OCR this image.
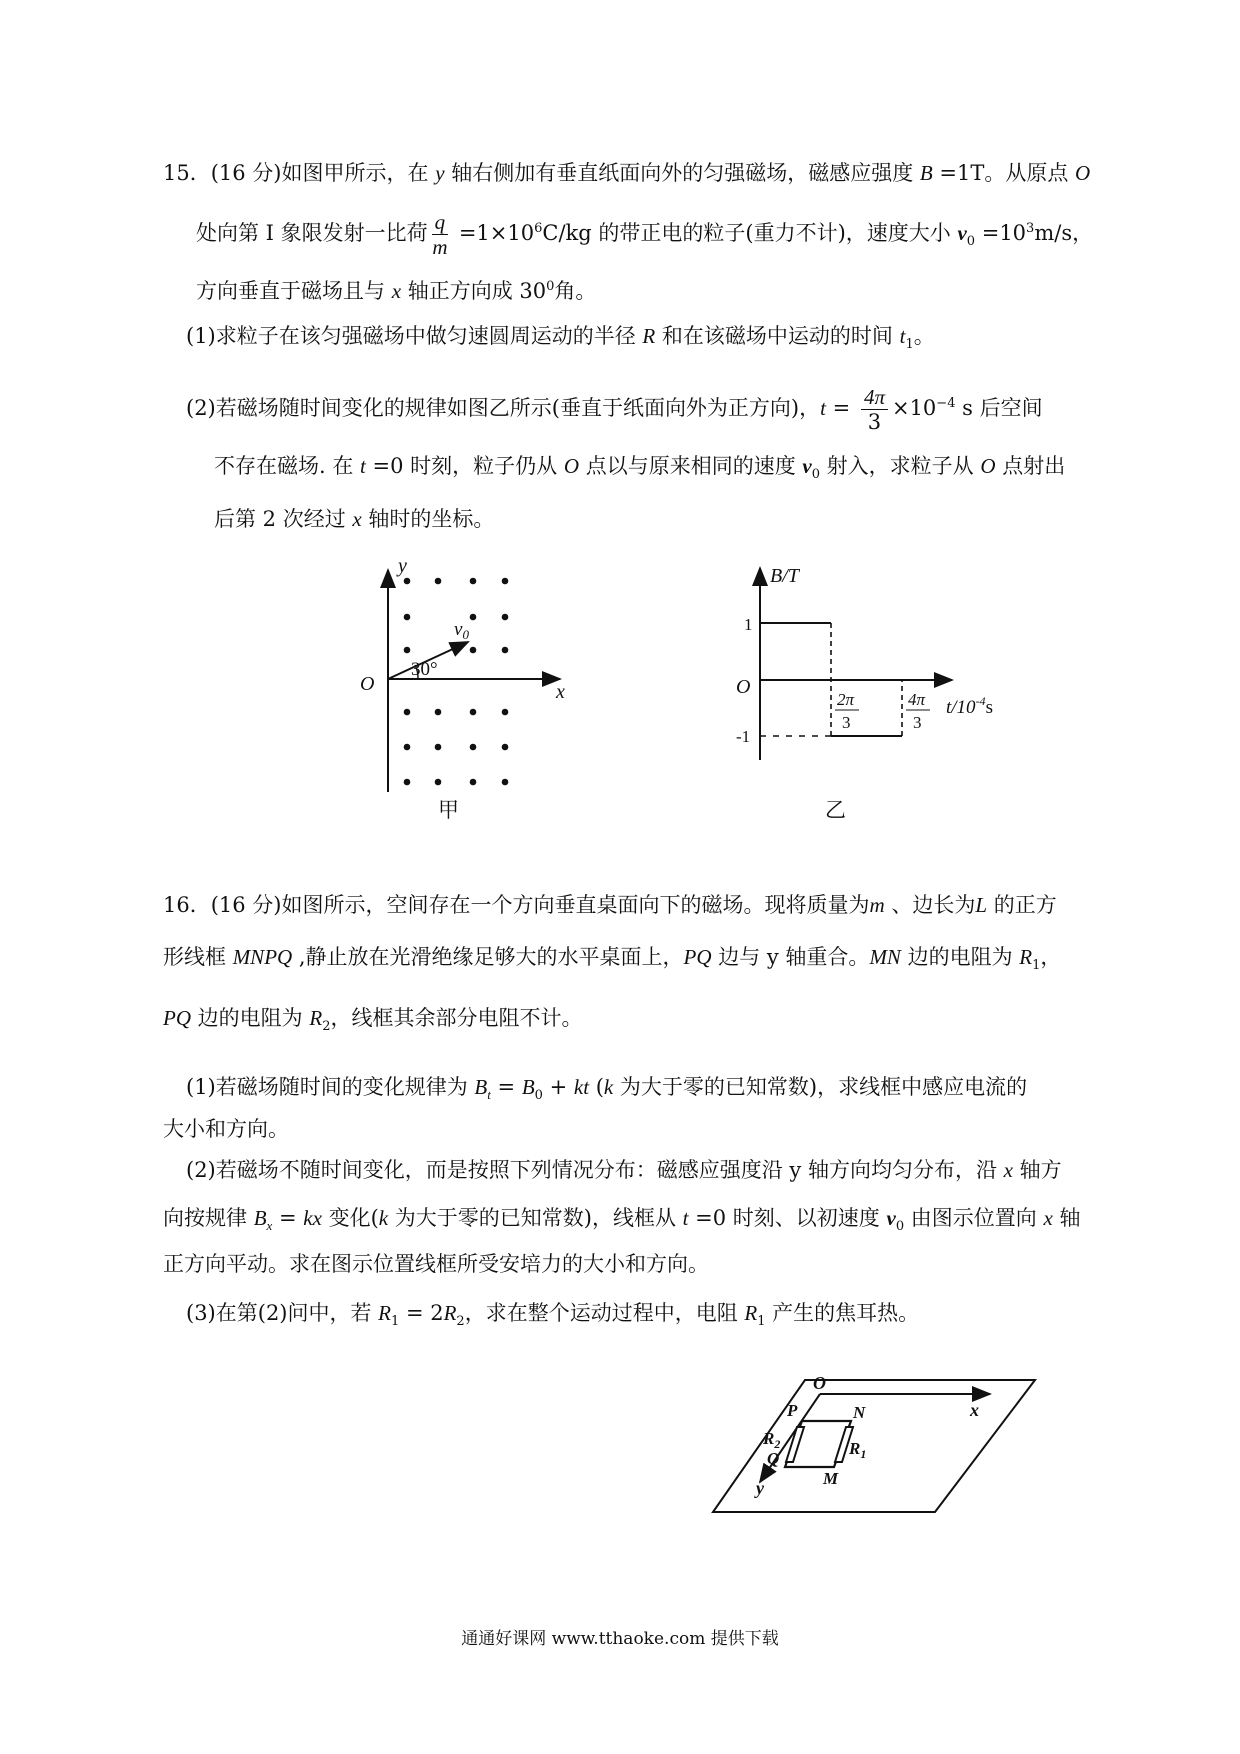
15．(16 分)如图甲所示，在 y 轴右侧加有垂直纸面向外的匀强磁场，磁感应强度 B =1T。从原点 O
处向第 I 象限发射一比荷 $\frac{q}{m} =1\times 10^6C/kg$ 的带正电的粒子(重力不计)，速度大小 $v_0 =10^3m/s$，
方向垂直于磁场且与 x 轴正方向成 $30^0$角。
(1)求粒子在该匀强磁场中做匀速圆周运动的半径 R 和在该磁场中运动的时间 $t_1$。
(2)若磁场随时间变化的规律如图乙所示(垂直于纸面向外为正方向)，$t = \frac{4\pi}{3} \times 10^{-4}$ s 后空间
不存在磁场. 在 t =0 时刻，粒子仍从 O 点以与原来相同的速度 $v_0$ 射入，求粒子从 O 点射出
后第 2 次经过 x 轴时的坐标。
y
O	x
$v_0$
30°
甲
B/T
1
O
-1
2π
3
4π
3
$t/10^{-4}s$
乙
16．(16 分)如图所示，空间存在一个方向垂直桌面向下的磁场。现将质量为m 、边长为L 的正方
形线框 MNPQ ,静止放在光滑绝缘足够大的水平桌面上，PQ 边与 y 轴重合。MN 边的电阻为 $R_1$，
PQ 边的电阻为 $R_2$，线框其余部分电阻不计。
(1)若磁场随时间的变化规律为 $B_t = B_0$ + kt (k 为大于零的已知常数)，求线框中感应电流的
大小和方向。
(2)若磁场不随时间变化，而是按照下列情况分布：磁感应强度沿 y 轴方向均匀分布，沿 x 轴方
向按规律 $B_x$ = kx 变化(k 为大于零的已知常数)，线框从 t =0 时刻、以初速度 $v_0$ 由图示位置向 x 轴
正方向平动。求在图示位置线框所受安培力的大小和方向。
(3)在第(2)问中，若 $R_1 = 2R_2$，求在整个运动过程中，电阻 $R_1$ 产生的焦耳热。
O
x
y
P	N
Q
M
$R_2$	$R_1$
通通好课网 www.tthaoke.com 提供下载
